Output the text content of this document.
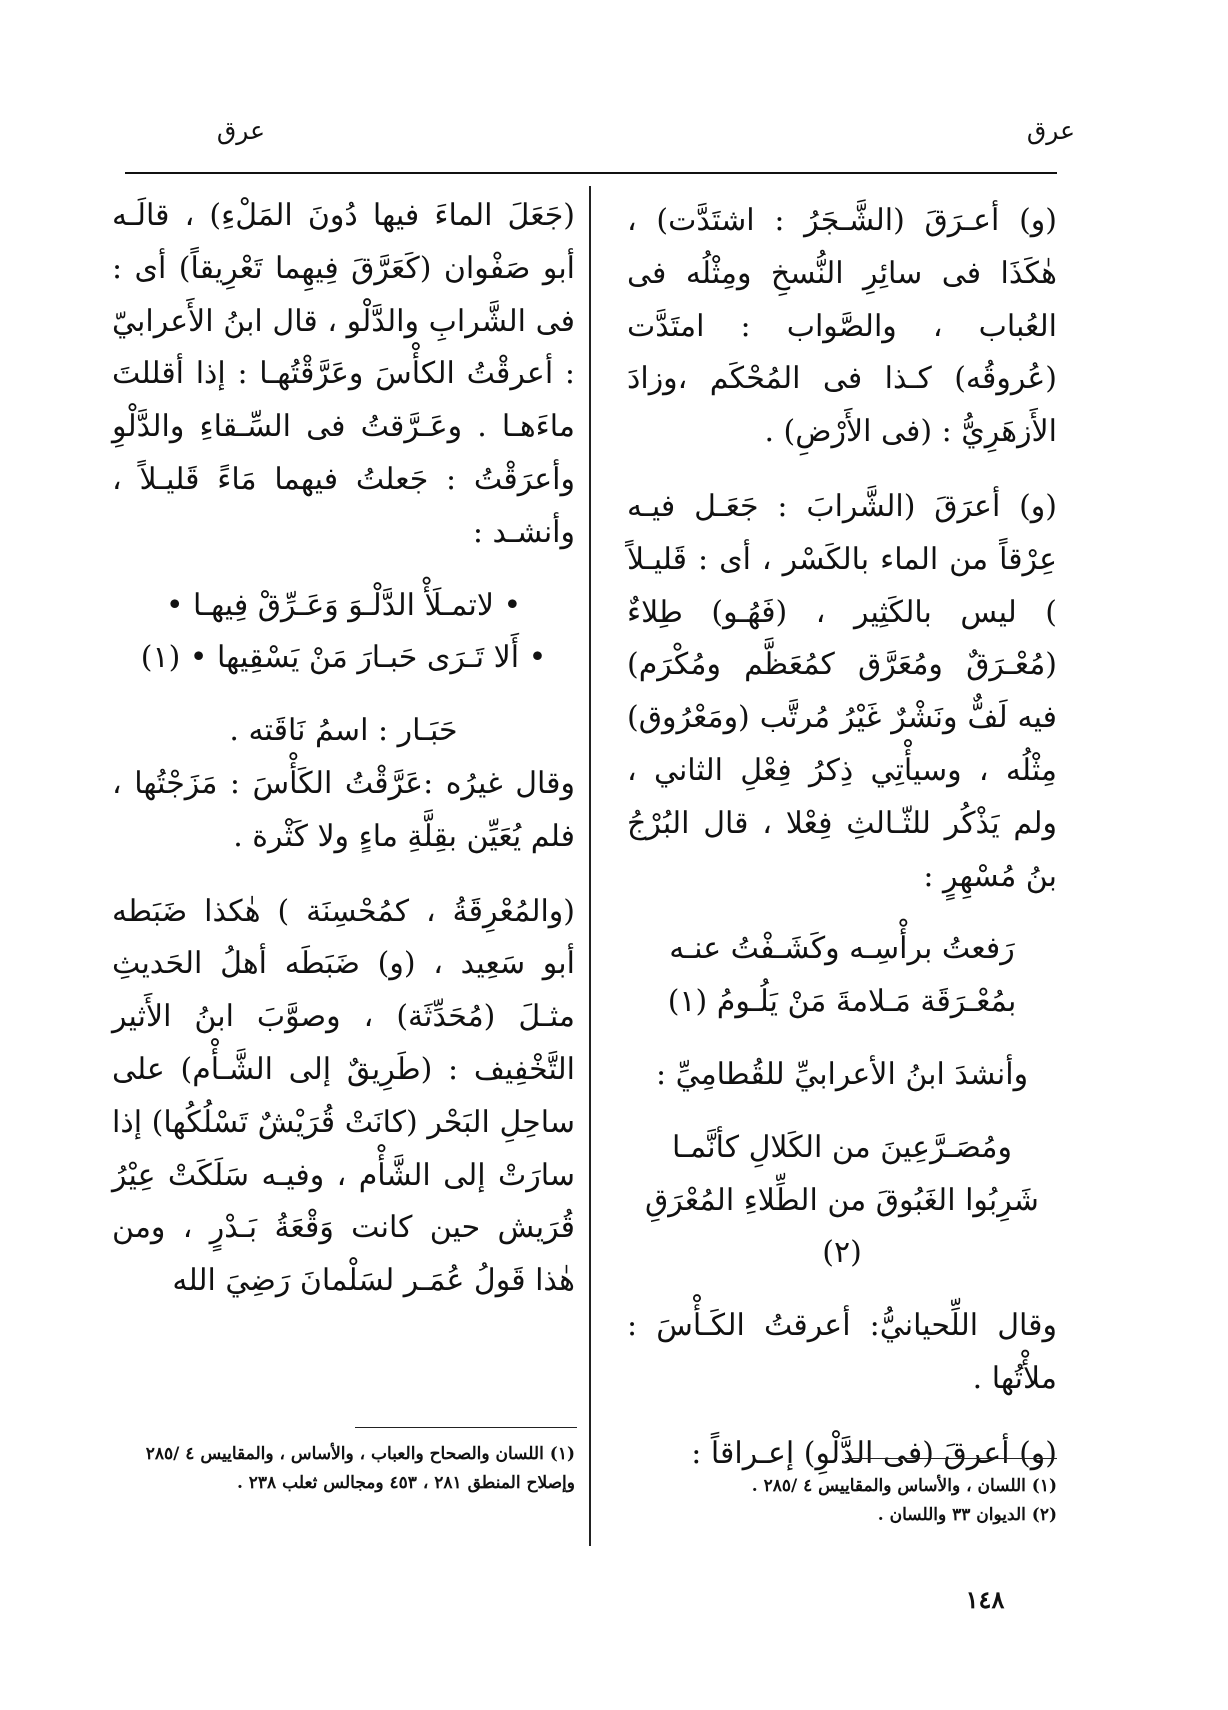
عرق
عرق

(و) أعـرَقَ (الشَّـجَرُ : اشتَدَّت) ، هٰكَذَا فى سائِرِ النُّسخِ ومِثْلُه فى العُباب ، والصَّواب : امتَدَّت (عُروقُه) كـذا فى المُحْكَم ،وزادَ الأَزهَرِيُّ : (فى الأَرْضِ) .

(و) أعرَقَ (الشَّرابَ : جَعَـل فيـه عِرْقاً من الماء بالكَسْر ، أى : قَليـلاً ) ليس بالكَثِير ، (فَهُـو) طِلاءٌ (مُعْـرَقٌ ومُعَرَّق كمُعَظَّم ومُكْرَم) فيه لَفٌّ ونَشْرٌ غَيْرُ مُرتَّب (ومَعْرُوق) مِثْلُه ، وسيأْتِي ذِكرُ فِعْلِ الثاني ، ولم يَذْكُر للثّـالثِ فِعْلا ، قال البُرْجُ بنُ مُسْهِرٍ :

رَفعتُ برأْسِـه وكَشَـفْتُ عنـه

بمُعْـرَقَة مَـلامةَ مَنْ يَلُـومُ (١)

وأنشدَ ابنُ الأعرابيِّ للقُطامِيِّ :

ومُصَـرَّعِينَ من الكَلالِ كأنَّمـا

شَرِبُوا الغَبُوقَ من الطِّلاءِ المُعْرَقِ (٢)

وقال اللِّحيانيُّ: أعرقتُ الكَـأْسَ : ملأْتُها .

(و) أعرقَ (فى الدَّلْوِ) إعـراقاً :

(جَعَلَ الماءَ فيها دُونَ المَلْءِ) ، قالَـه أبو صَفْوان (كَعَرَّقَ فِيهِما تَعْرِيقاً) أى : فى الشَّرابِ والدَّلْو ، قال ابنُ الأَعرابيّ : أعرقْتُ الكأْسَ وعَرَّقْتُهـا : إذا أقللتَ ماءَهـا . وعَـرَّقتُ فى السِّـقاءِ والدَّلْوِ وأعرَقْتُ : جَعلتُ فيهما مَاءً قَليـلاً ، وأنشـد :

• لاتمـلَأْ الدَّلْـوَ وَعَـرِّقْ فِيهـا •

• أَلا تَـرَى حَبـارَ مَنْ يَسْقِيها • (١)

حَبَـار : اسمُ نَاقَته .

وقال غيرُه :عَرَّقْتُ الكَأْسَ : مَزَجْتُها ، فلم يُعَيِّن بقِلَّةِ ماءٍ ولا كَثْرة .

(والمُعْرِقَةُ ، كمُحْسِنَة ) هٰكذا ضَبَطه أبو سَعِيد ، (و) ضَبَطَه أهلُ الحَديثِ مثـلَ (مُحَدِّثَة) ، وصوَّبَ ابنُ الأَثير التَّخْفِيف : (طَرِيقٌ إلى الشَّـأْم) على ساحِلِ البَحْر (كانَتْ قُرَيْشٌ تَسْلُكُها) إذا سارَتْ إلى الشَّأْم ، وفيـه سَلَكَتْ عِيْرُ قُرَيش حين كانت وَقْعَةُ بَـدْرٍ ، ومن هٰذا قَولُ عُمَـر لسَلْمانَ رَضِيَ الله

(١) اللسان ، والأساس والمقاييس ٤ /٢٨٥ .

(٢) الديوان ٣٣ واللسان .

(١) اللسان والصحاح والعباب ، والأساس ، والمقاييس ٤ /٢٨٥ وإصلاح المنطق ٢٨١ ، ٤٥٣ ومجالس ثعلب ٢٣٨ .

١٤٨
